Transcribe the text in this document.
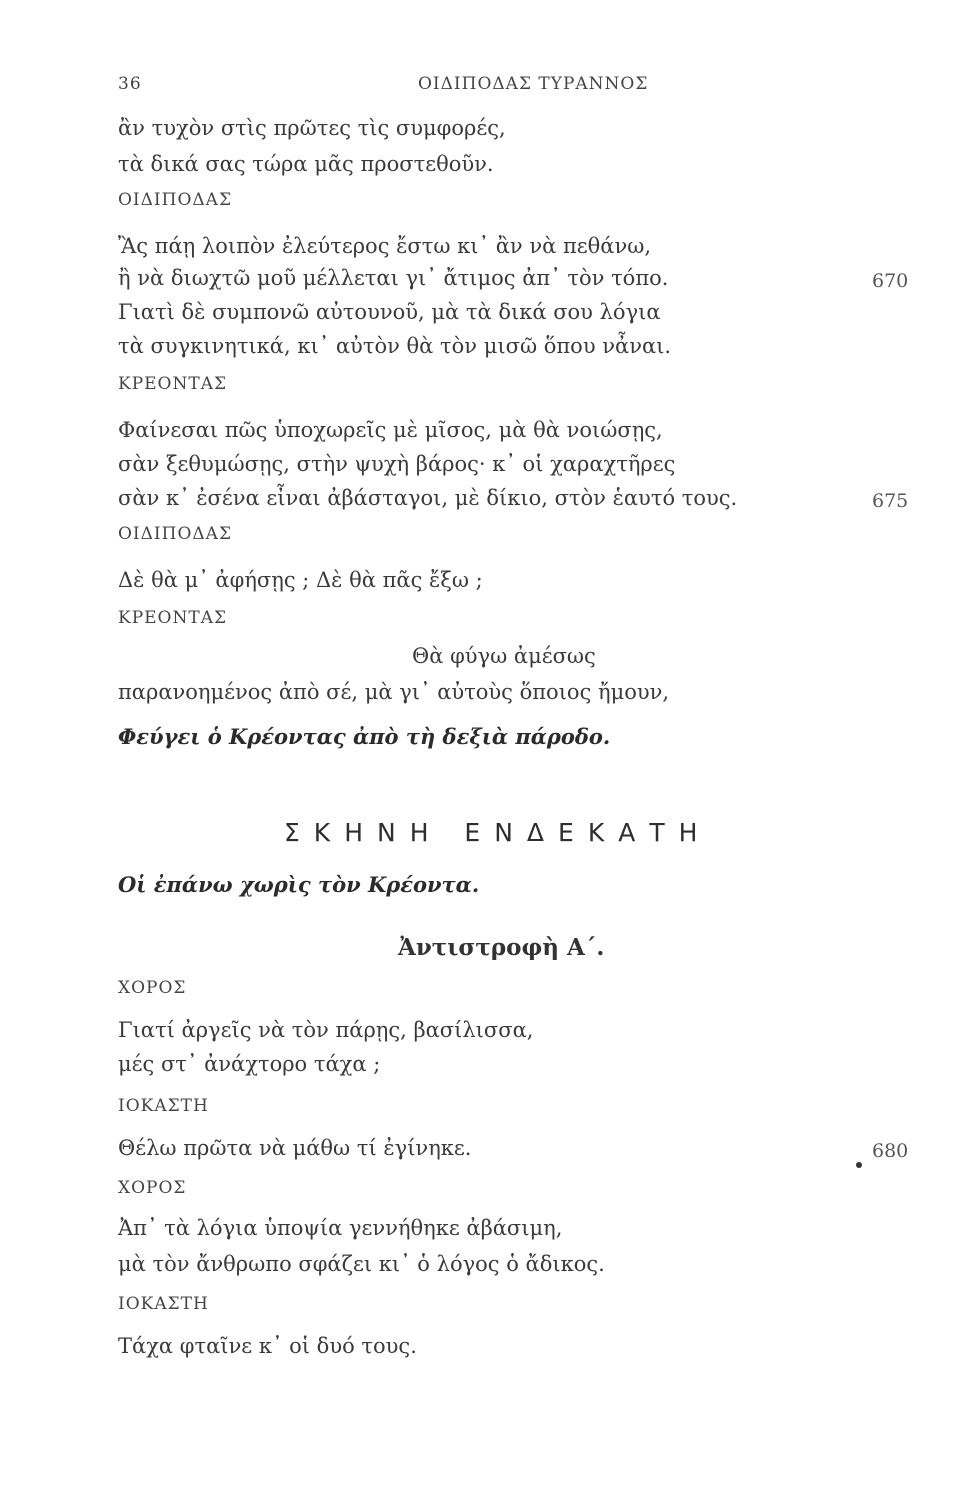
36	ΟΙΔΙΠΟΔΑΣ ΤΥΡΑΝΝΟΣ
ἂν τυχὸν στὶς πρῶτες τὶς συμφορές,
τὰ δικά σας τώρα μᾶς προστεθοῦν.
ΟΙΔΙΠΟΔΑΣ
Ἂς πάῃ λοιπὸν ἐλεύτερος ἔστω κι᾿ ἂν νὰ πεθάνω,
ἢ νὰ διωχτῶ μοῦ μέλλεται γι᾿ ἄτιμος ἀπ᾿ τὸν τόπο.
Γιατὶ δὲ συμπονῶ αὐτουνοῦ, μὰ τὰ δικά σου λόγια
τὰ συγκινητικά, κι᾿ αὐτὸν θὰ τὸν μισῶ ὅπου νἆναι.
ΚΡΕΟΝΤΑΣ
Φαίνεσαι πῶς ὑποχωρεῖς μὲ μῖσος, μὰ θὰ νοιώσῃς,
σὰν ξεθυμώσῃς, στὴν ψυχὴ βάρος· κ᾿ οἱ χαραχτῆρες
σὰν κ᾿ ἐσένα εἶναι ἀβάσταγοι, μὲ δίκιο, στὸν ἑαυτό τους.
ΟΙΔΙΠΟΔΑΣ
Δὲ θὰ μ᾿ ἀφήσῃς ; Δὲ θὰ πᾶς ἔξω ;
ΚΡΕΟΝΤΑΣ
Θὰ φύγω ἀμέσως
παρανοημένος ἀπὸ σέ, μὰ γι᾿ αὐτοὺς ὅποιος ἤμουν,
Φεύγει ὁ Κρέοντας ἀπὸ τὴ δεξιὰ πάροδο.
ΣΚΗΝΗ ΕΝΔΕΚΑΤΗ
Οἱ ἐπάνω χωρὶς τὸν Κρέοντα.
Ἀντιστροφὴ Α΄.
ΧΟΡΟΣ
Γιατί ἀργεῖς νὰ τὸν πάρῃς, βασίλισσα,
μές στ᾿ ἀνάχτορο τάχα ;
ΙΟΚΑΣΤΗ
Θέλω πρῶτα νὰ μάθω τί ἐγίνηκε.
ΧΟΡΟΣ
Ἀπ᾿ τὰ λόγια ὑποψία γεννήθηκε ἀβάσιμη,
μὰ τὸν ἄνθρωπο σφάζει κι᾿ ὁ λόγος ὁ ἄδικος.
ΙΟΚΑΣΤΗ
Τάχα φταῖνε κ᾿ οἱ δυό τους.
670
675
680
